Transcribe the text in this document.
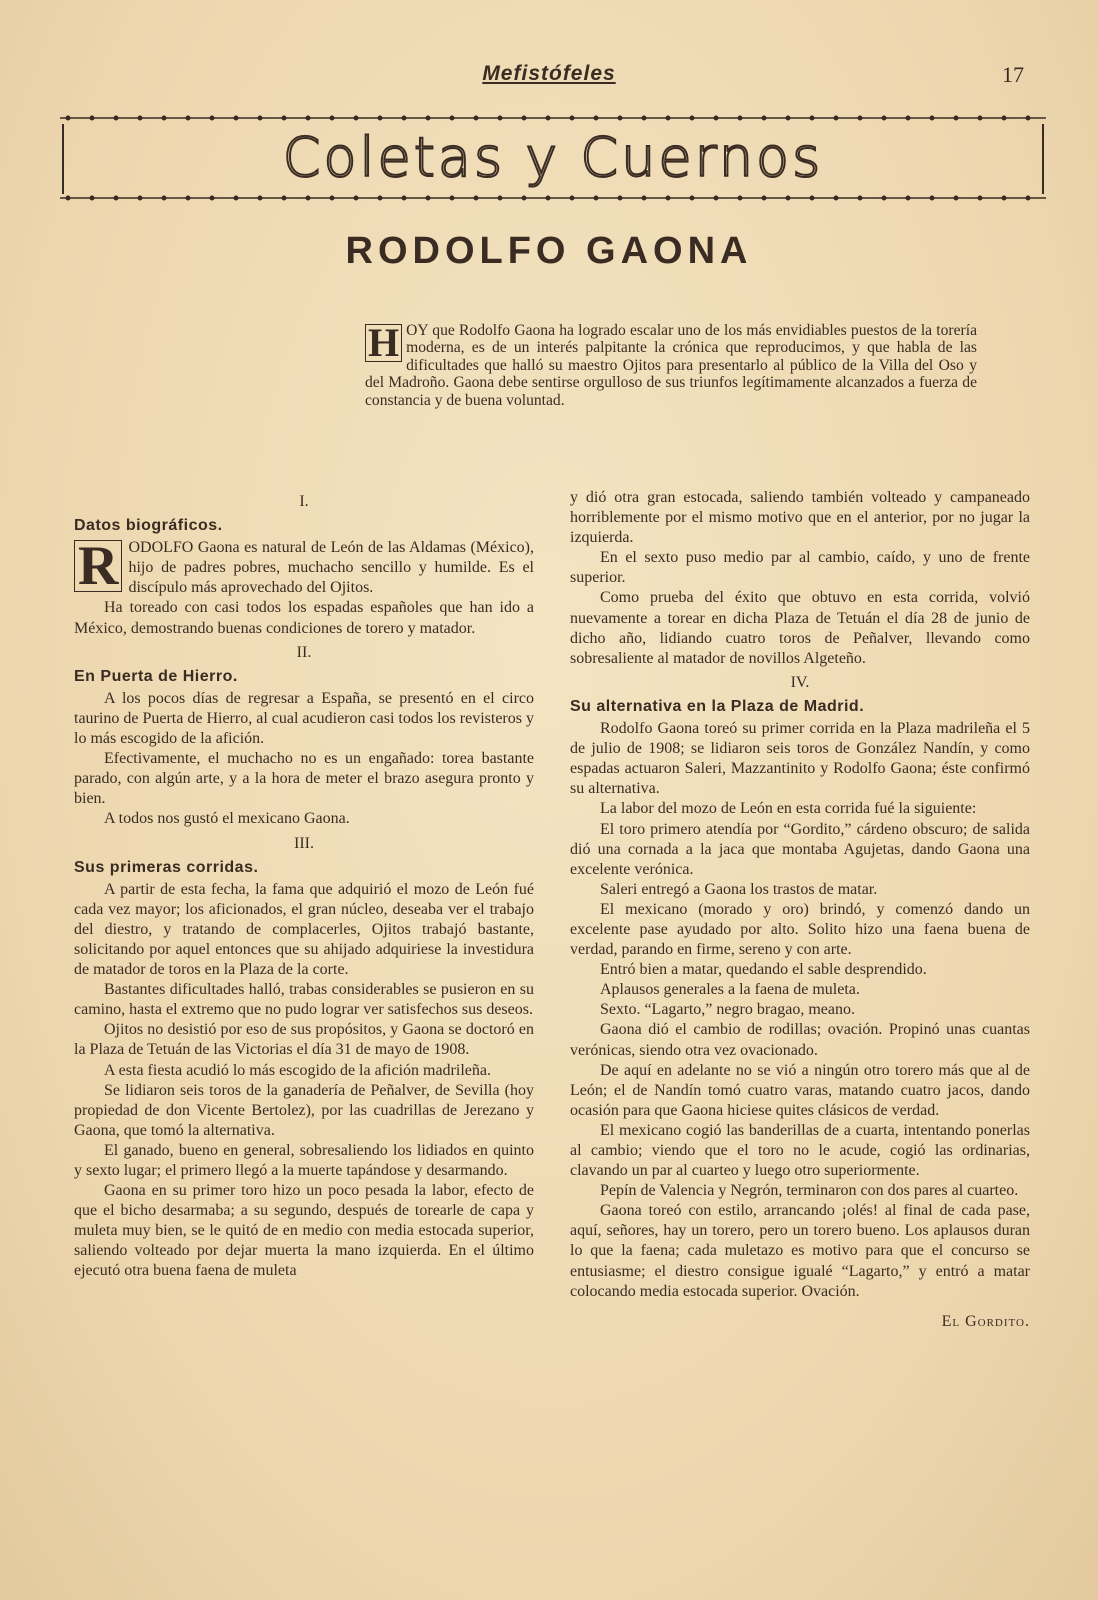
Mefistófeles	17
Coletas y Cuernos
RODOLFO GAONA
H OY que Rodolfo Gaona ha logrado escalar uno de los más envidiables puestos de la torería moderna, es de un interés palpitante la crónica que reproducimos, y que habla de las dificultades que halló su maestro Ojitos para presentarlo al público de la Villa del Oso y del Madroño. Gaona debe sentirse orgulloso de sus triunfos legítimamente alcanzados a fuerza de constancia y de buena voluntad.
I.
Datos biográficos.

R ODOLFO Gaona es natural de León de las Aldamas (México), hijo de padres pobres, muchacho sencillo y humilde. Es el discípulo más aprovechado del Ojitos.

Ha toreado con casi todos los espadas españoles que han ido a México, demostrando buenas condiciones de torero y matador.

II.
En Puerta de Hierro.

A los pocos días de regresar a España, se presentó en el circo taurino de Puerta de Hierro, al cual acudieron casi todos los revisteros y lo más escogido de la afición.

Efectivamente, el muchacho no es un engañado: torea bastante parado, con algún arte, y a la hora de meter el brazo asegura pronto y bien.

A todos nos gustó el mexicano Gaona.

III.
Sus primeras corridas.

A partir de esta fecha, la fama que adquirió el mozo de León fué cada vez mayor; los aficionados, el gran núcleo, deseaba ver el trabajo del diestro, y tratando de complacerles, Ojitos trabajó bastante, solicitando por aquel entonces que su ahijado adquiriese la investidura de matador de toros en la Plaza de la corte.

Bastantes dificultades halló, trabas considerables se pusieron en su camino, hasta el extremo que no pudo lograr ver satisfechos sus deseos.

Ojitos no desistió por eso de sus propósitos, y Gaona se doctoró en la Plaza de Tetuán de las Victorias el día 31 de mayo de 1908.

A esta fiesta acudió lo más escogido de la afición madrileña.

Se lidiaron seis toros de la ganadería de Peñalver, de Sevilla (hoy propiedad de don Vicente Bertolez), por las cuadrillas de Jerezano y Gaona, que tomó la alternativa.

El ganado, bueno en general, sobresaliendo los lidiados en quinto y sexto lugar; el primero llegó a la muerte tapándose y desarmando.

Gaona en su primer toro hizo un poco pesada la labor, efecto de que el bicho desarmaba; a su segundo, después de torearle de capa y muleta muy bien, se le quitó de en medio con media estocada superior, saliendo volteado por dejar muerta la mano izquierda. En el último ejecutó otra buena faena de muleta

y dió otra gran estocada, saliendo también volteado y campaneado horriblemente por el mismo motivo que en el anterior, por no jugar la izquierda.

En el sexto puso medio par al cambio, caído, y uno de frente superior.

Como prueba del éxito que obtuvo en esta corrida, volvió nuevamente a torear en dicha Plaza de Tetuán el día 28 de junio de dicho año, lidiando cuatro toros de Peñalver, llevando como sobresaliente al matador de novillos Algeteño.

IV.
Su alternativa en la Plaza de Madrid.

Rodolfo Gaona toreó su primer corrida en la Plaza madrileña el 5 de julio de 1908; se lidiaron seis toros de González Nandín, y como espadas actuaron Saleri, Mazzantinito y Rodolfo Gaona; éste confirmó su alternativa.

La labor del mozo de León en esta corrida fué la siguiente:

El toro primero atendía por “Gordito,” cárdeno obscuro; de salida dió una cornada a la jaca que montaba Agujetas, dando Gaona una excelente verónica.

Saleri entregó a Gaona los trastos de matar.

El mexicano (morado y oro) brindó, y comenzó dando un excelente pase ayudado por alto. Solito hizo una faena buena de verdad, parando en firme, sereno y con arte.

Entró bien a matar, quedando el sable desprendido.

Aplausos generales a la faena de muleta.

Sexto. “Lagarto,” negro bragao, meano.

Gaona dió el cambio de rodillas; ovación. Propinó unas cuantas verónicas, siendo otra vez ovacionado.

De aquí en adelante no se vió a ningún otro torero más que al de León; el de Nandín tomó cuatro varas, matando cuatro jacos, dando ocasión para que Gaona hiciese quites clásicos de verdad.

El mexicano cogió las banderillas de a cuarta, intentando ponerlas al cambio; viendo que el toro no le acude, cogió las ordinarias, clavando un par al cuarteo y luego otro superiormente.

Pepín de Valencia y Negrón, terminaron con dos pares al cuarteo.

Gaona toreó con estilo, arrancando ¡olés! al final de cada pase, aquí, señores, hay un torero, pero un torero bueno. Los aplausos duran lo que la faena; cada muletazo es motivo para que el concurso se entusiasme; el diestro consigue igualé “Lagarto,” y entró a matar colocando media estocada superior. Ovación.

El Gordito.
